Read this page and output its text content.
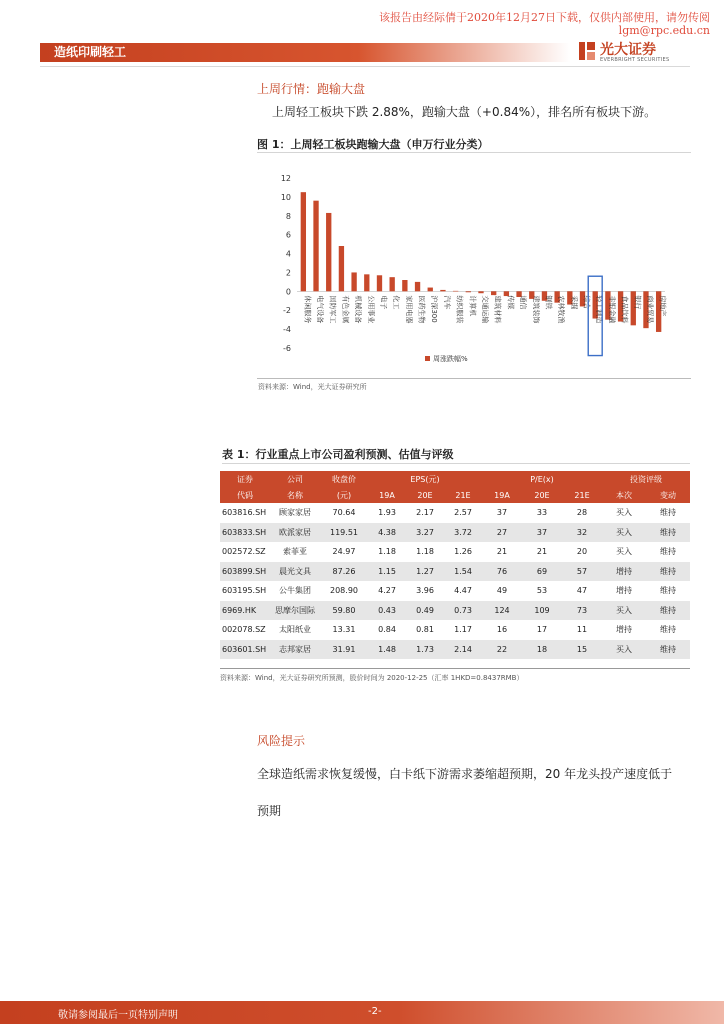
该报告由经际倩于2020年12月27日下载，仅供内部使用，请勿传阅
lgm@rpc.edu.cn
造纸印刷轻工	光大证券
EVERBRIGHT SECURITIES
上周行情：跑输大盘
上周轻工板块下跌 2.88%，跑输大盘（+0.84%），排名所有板块下游。
图 1：上周轻工板块跑输大盘（申万行业分类）
-6
-4
-2
0
2
4
6
8
10
12
休闲服务 电气设备 国防军工 有色金属 机械设备 公用事业 电子 化工 家用电器 医药生物 沪深300 汽车 纺织服装 计算机 交通运输 建筑材料 传媒 通信 建筑装饰 钢铁 农林牧渔 采掘 综合 轻工制造 非银金融 食品饮料 银行 商业贸易 房地产
周涨跌幅%
资料来源：Wind，光大证券研究所
表 1：行业重点上市公司盈利预测、估值与评级
证券	公司	收盘价	EPS(元)			P/E(x)			投资评级	
代码	名称	(元)	19A	20E	21E	19A	20E	21E	本次	变动
603816.SH	顾家家居	70.64	1.93	2.17	2.57	37	33	28	买入	维持
603833.SH	欧派家居	119.51	4.38	3.27	3.72	27	37	32	买入	维持
002572.SZ	索菲亚	24.97	1.18	1.18	1.26	21	21	20	买入	维持
603899.SH	晨光文具	87.26	1.15	1.27	1.54	76	69	57	增持	维持
603195.SH	公牛集团	208.90	4.27	3.96	4.47	49	53	47	增持	维持
6969.HK	思摩尔国际	59.80	0.43	0.49	0.73	124	109	73	买入	维持
002078.SZ	太阳纸业	13.31	0.84	0.81	1.17	16	17	11	增持	维持
603601.SH	志邦家居	31.91	1.48	1.73	2.14	22	18	15	买入	维持
资料来源：Wind，光大证券研究所预测，股价时间为 2020-12-25（汇率 1HKD=0.8437RMB）
风险提示
全球造纸需求恢复缓慢，白卡纸下游需求萎缩超预期，20 年龙头投产速度低于
预期
敬请参阅最后一页特别声明	-2-
